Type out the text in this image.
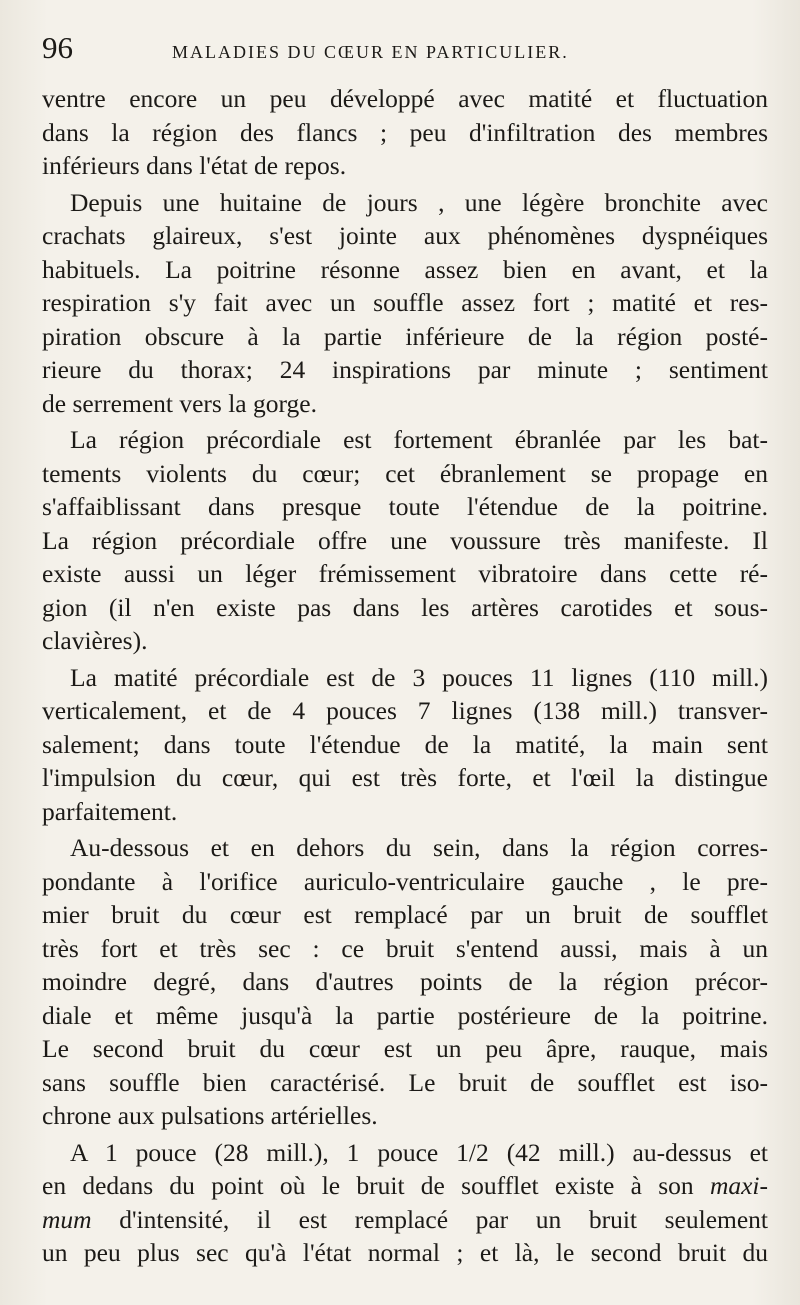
96	MALADIES DU CŒUR EN PARTICULIER.
ventre encore un peu développé avec matité et fluctuation
dans la région des flancs ; peu d'infiltration des membres
inférieurs dans l'état de repos.
Depuis une huitaine de jours , une légère bronchite avec
crachats glaireux, s'est jointe aux phénomènes dyspnéiques
habituels. La poitrine résonne assez bien en avant, et la
respiration s'y fait avec un souffle assez fort ; matité et res-
piration obscure à la partie inférieure de la région posté-
rieure du thorax; 24 inspirations par minute ; sentiment
de serrement vers la gorge.
La région précordiale est fortement ébranlée par les bat-
tements violents du cœur; cet ébranlement se propage en
s'affaiblissant dans presque toute l'étendue de la poitrine.
La région précordiale offre une voussure très manifeste. Il
existe aussi un léger frémissement vibratoire dans cette ré-
gion (il n'en existe pas dans les artères carotides et sous-
clavières).
La matité précordiale est de 3 pouces 11 lignes (110 mill.)
verticalement, et de 4 pouces 7 lignes (138 mill.) transver-
salement; dans toute l'étendue de la matité, la main sent
l'impulsion du cœur, qui est très forte, et l'œil la distingue
parfaitement.
Au-dessous et en dehors du sein, dans la région corres-
pondante à l'orifice auriculo-ventriculaire gauche , le pre-
mier bruit du cœur est remplacé par un bruit de soufflet
très fort et très sec : ce bruit s'entend aussi, mais à un
moindre degré, dans d'autres points de la région précor-
diale et même jusqu'à la partie postérieure de la poitrine.
Le second bruit du cœur est un peu âpre, rauque, mais
sans souffle bien caractérisé. Le bruit de soufflet est iso-
chrone aux pulsations artérielles.
A 1 pouce (28 mill.), 1 pouce 1/2 (42 mill.) au-dessus et
en dedans du point où le bruit de soufflet existe à son maxi-
mum d'intensité, il est remplacé par un bruit seulement
un peu plus sec qu'à l'état normal ; et là, le second bruit du
